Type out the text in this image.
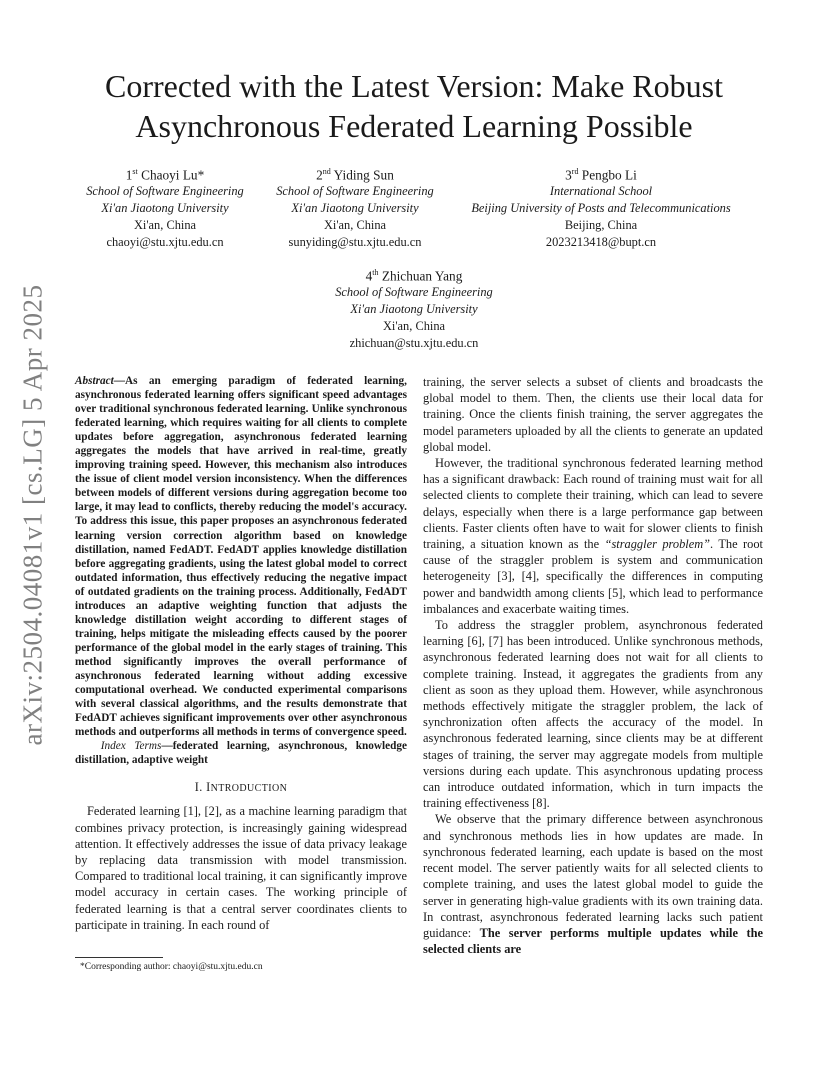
arXiv:2504.04081v1 [cs.LG] 5 Apr 2025
Corrected with the Latest Version: Make Robust
Asynchronous Federated Learning Possible
1st Chaoyi Lu*
School of Software Engineering
Xi'an Jiaotong University
Xi'an, China
chaoyi@stu.xjtu.edu.cn
2nd Yiding Sun
School of Software Engineering
Xi'an Jiaotong University
Xi'an, China
sunyiding@stu.xjtu.edu.cn
3rd Pengbo Li
International School
Beijing University of Posts and Telecommunications
Beijing, China
2023213418@bupt.cn
4th Zhichuan Yang
School of Software Engineering
Xi'an Jiaotong University
Xi'an, China
zhichuan@stu.xjtu.edu.cn

Abstract—As an emerging paradigm of federated learning, asynchronous federated learning offers significant speed advantages over traditional synchronous federated learning. Unlike synchronous federated learning, which requires waiting for all clients to complete updates before aggregation, asynchronous federated learning aggregates the models that have arrived in real-time, greatly improving training speed. However, this mechanism also introduces the issue of client model version inconsistency. When the differences between models of different versions during aggregation become too large, it may lead to conflicts, thereby reducing the model's accuracy. To address this issue, this paper proposes an asynchronous federated learning version correction algorithm based on knowledge distillation, named FedADT. FedADT applies knowledge distillation before aggregating gradients, using the latest global model to correct outdated information, thus effectively reducing the negative impact of outdated gradients on the training process. Additionally, FedADT introduces an adaptive weighting function that adjusts the knowledge distillation weight according to different stages of training, helps mitigate the misleading effects caused by the poorer performance of the global model in the early stages of training. This method significantly improves the overall performance of asynchronous federated learning without adding excessive computational overhead. We conducted experimental comparisons with several classical algorithms, and the results demonstrate that FedADT achieves significant improvements over other asynchronous methods and outperforms all methods in terms of convergence speed.

Index Terms—federated learning, asynchronous, knowledge distillation, adaptive weight

I. INTRODUCTION

Federated learning [1], [2], as a machine learning paradigm that combines privacy protection, is increasingly gaining widespread attention. It effectively addresses the issue of data privacy leakage by replacing data transmission with model transmission. Compared to traditional local training, it can significantly improve model accuracy in certain cases. The working principle of federated learning is that a central server coordinates clients to participate in training. In each round of

training, the server selects a subset of clients and broadcasts the global model to them. Then, the clients use their local data for training. Once the clients finish training, the server aggregates the model parameters uploaded by all the clients to generate an updated global model.

However, the traditional synchronous federated learning method has a significant drawback: Each round of training must wait for all selected clients to complete their training, which can lead to severe delays, especially when there is a large performance gap between clients. Faster clients often have to wait for slower clients to finish training, a situation known as the “straggler problem”. The root cause of the straggler problem is system and communication heterogeneity [3], [4], specifically the differences in computing power and bandwidth among clients [5], which lead to performance imbalances and exacerbate waiting times.

To address the straggler problem, asynchronous federated learning [6], [7] has been introduced. Unlike synchronous methods, asynchronous federated learning does not wait for all clients to complete training. Instead, it aggregates the gradients from any client as soon as they upload them. However, while asynchronous methods effectively mitigate the straggler problem, the lack of synchronization often affects the accuracy of the model. In asynchronous federated learning, since clients may be at different stages of training, the server may aggregate models from multiple versions during each update. This asynchronous updating process can introduce outdated information, which in turn impacts the training effectiveness [8].

We observe that the primary difference between asynchronous and synchronous methods lies in how updates are made. In synchronous federated learning, each update is based on the most recent model. The server patiently waits for all selected clients to complete training, and uses the latest global model to guide the server in generating high-value gradients with its own training data. In contrast, asynchronous federated learning lacks such patient guidance: The server performs multiple updates while the selected clients are

*Corresponding author: chaoyi@stu.xjtu.edu.cn
